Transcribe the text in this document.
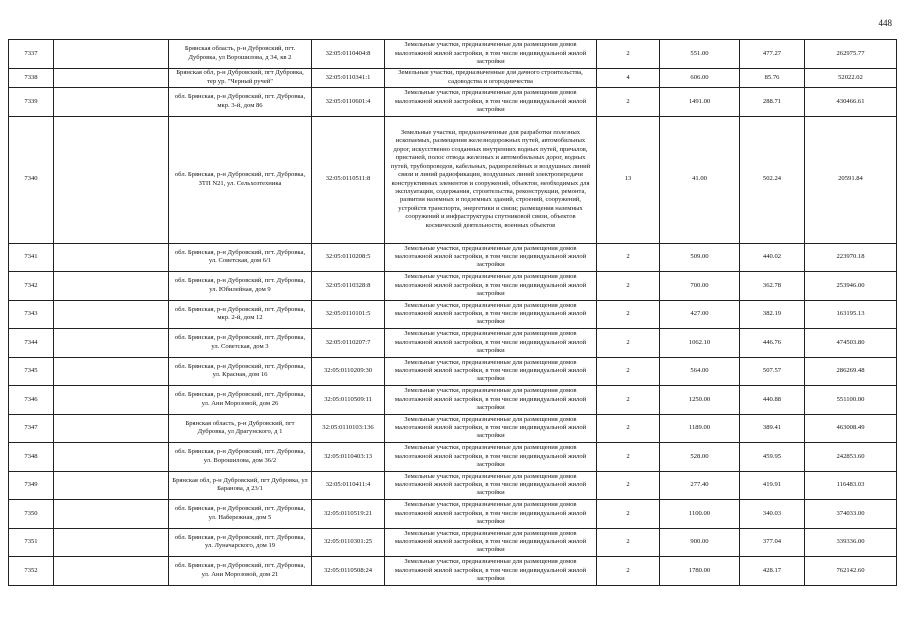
448
7337		Брянская область, р-н Дубровский, пгт. Дубровка, ул Ворошилова, д 34, кв 2	32:05:0110404:8	Земельные участки, предназначенные для размещения домов малоэтажной жилой застройки, в том числе индивидуальной жилой застройки	2	551.00	477.27	262975.77
7338		Брянская обл, р-н Дубровский, пгт Дубровка, тер ур. "Черный ручей"	32:05:0110341:1	Земельные участки, предназначенные для дачного строительства, садоводства и огородничества	4	606.00	85.76	52022.02
7339		обл. Брянская, р-н Дубровский, пгт. Дубровка, мкр. 3-й, дом 86	32:05:0110601:4	Земельные участки, предназначенные для размещения домов малоэтажной жилой застройки, в том числе индивидуальной жилой застройки	2	1491.00	288.71	430466.61
7340		обл. Брянская, р-н Дубровский, пгт. Дубровка, ЗТП N21, ул. Сельхозтехника	32:05:0110511:8	Земельные участки, предназначенные для разработки полезных ископаемых, размещения железнодорожных путей, автомобильных дорог, искусственно созданных внутренних водных путей, причалов, пристаней, полос отвода железных и автомобильных дорог, водных путей, трубопроводов, кабельных, радиорелейных и воздушных линий связи и линий радиофикации, воздушных линий электропередачи конструктивных элементов и сооружений, объектов, необходимых для эксплуатации, содержания, строительства, реконструкции, ремонта, развития наземных и подземных зданий, строений, сооружений, устройств транспорта, энергетики и связи; размещения наземных сооружений и инфраструктуры спутниковой связи, объектов космической деятельности, военных объектов	13	41.00	502.24	20591.84
7341		обл. Брянская, р-н Дубровский, пгт. Дубровка, ул. Советская, дом 6/1	32:05:0110208:5	Земельные участки, предназначенные для размещения домов малоэтажной жилой застройки, в том числе индивидуальной жилой застройки	2	509.00	440.02	223970.18
7342		обл. Брянская, р-н Дубровский, пгт. Дубровка, ул. Юбилейная, дом 9	32:05:0110328:8	Земельные участки, предназначенные для размещения домов малоэтажной жилой застройки, в том числе индивидуальной жилой застройки	2	700.00	362.78	253946.00
7343		обл. Брянская, р-н Дубровский, пгт. Дубровка, мкр. 2-й, дом 12	32:05:0110101:5	Земельные участки, предназначенные для размещения домов малоэтажной жилой застройки, в том числе индивидуальной жилой застройки	2	427.00	382.19	163195.13
7344		обл. Брянская, р-н Дубровский, пгт. Дубровка, ул. Советская, дом 3	32:05:0110207:7	Земельные участки, предназначенные для размещения домов малоэтажной жилой застройки, в том числе индивидуальной жилой застройки	2	1062.10	446.76	474503.80
7345		обл. Брянская, р-н Дубровский, пгт. Дубровка, ул. Красная, дом 16	32:05:0110209:30	Земельные участки, предназначенные для размещения домов малоэтажной жилой застройки, в том числе индивидуальной жилой застройки	2	564.00	507.57	286269.48
7346		обл. Брянская, р-н Дубровский, пгт. Дубровка, ул. Ани Морозовой, дом 26	32:05:0110509:11	Земельные участки, предназначенные для размещения домов малоэтажной жилой застройки, в том числе индивидуальной жилой застройки	2	1250.00	440.88	551100.00
7347		Брянская область, р-н Дубровский, пгт Дубровка, ул Драгунского, д 1	32:05:0110103:136	Земельные участки, предназначенные для размещения домов малоэтажной жилой застройки, в том числе индивидуальной жилой застройки	2	1189.00	389.41	463008.49
7348		обл. Брянская, р-н Дубровский, пгт. Дубровка, ул. Ворошилова, дом 36/2	32:05:0110403:13	Земельные участки, предназначенные для размещения домов малоэтажной жилой застройки, в том числе индивидуальной жилой застройки	2	528.00	459.95	242853.60
7349		Брянская обл, р-н Дубровский, пгт Дубровка, ул Баранова, д 23/1	32:05:0110411:4	Земельные участки, предназначенные для размещения домов малоэтажной жилой застройки, в том числе индивидуальной жилой застройки	2	277.40	419.91	116483.03
7350		обл. Брянская, р-н Дубровский, пгт. Дубровка, ул. Набережная, дом 5	32:05:0110519:21	Земельные участки, предназначенные для размещения домов малоэтажной жилой застройки, в том числе индивидуальной жилой застройки	2	1100.00	340.03	374033.00
7351		обл. Брянская, р-н Дубровский, пгт. Дубровка, ул. Луначарского, дом 19	32:05:0110301:25	Земельные участки, предназначенные для размещения домов малоэтажной жилой застройки, в том числе индивидуальной жилой застройки	2	900.00	377.04	339336.00
7352		обл. Брянская, р-н Дубровский, пгт. Дубровка, ул. Ани Морозовой, дом 21	32:05:0110508:24	Земельные участки, предназначенные для размещения домов малоэтажной жилой застройки, в том числе индивидуальной жилой застройки	2	1780.00	428.17	762142.60
